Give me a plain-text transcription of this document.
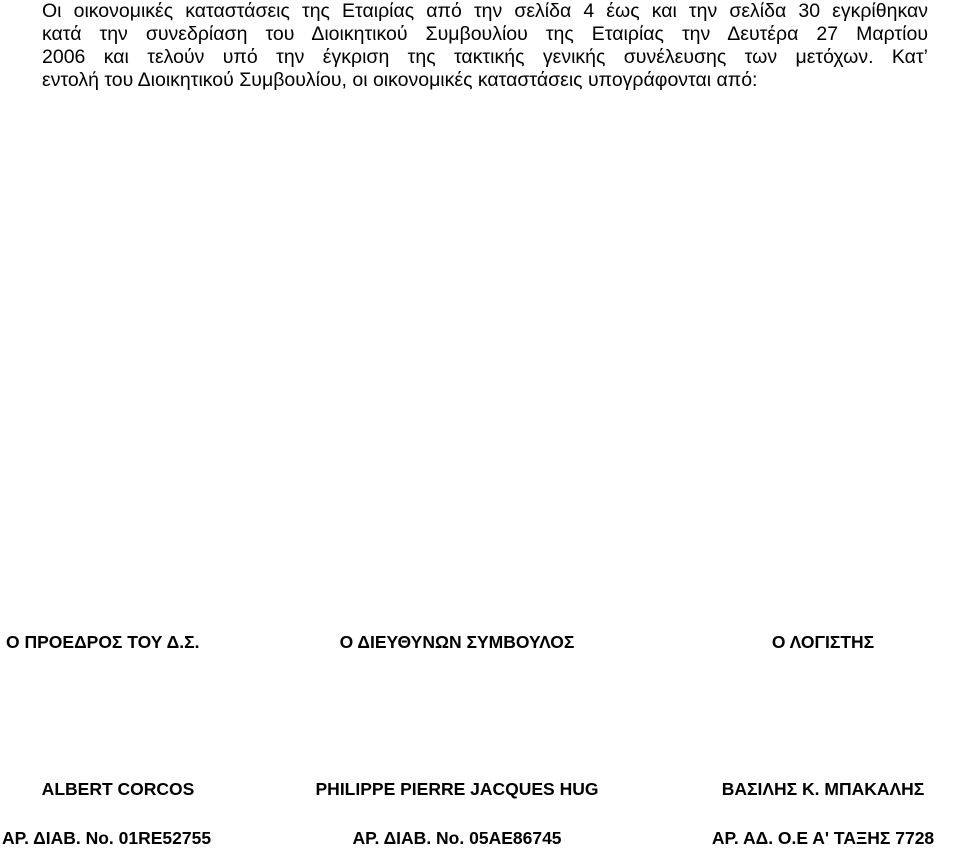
Οι οικονομικές καταστάσεις της Εταιρίας από την σελίδα 4 έως και την σελίδα 30 εγκρίθηκαν
κατά την συνεδρίαση του Διοικητικού Συμβουλίου της Εταιρίας την Δευτέρα 27 Μαρτίου
2006 και τελούν υπό την έγκριση της τακτικής γενικής συνέλευσης των μετόχων. Κατ’
εντολή του Διοικητικού Συμβουλίου, οι οικονομικές καταστάσεις υπογράφονται από:
Ο ΠΡΟΕΔΡΟΣ ΤΟΥ Δ.Σ.	Ο ΔΙΕΥΘΥΝΩΝ ΣΥΜΒΟΥΛΟΣ	Ο ΛΟΓΙΣΤΗΣ
ALBERT CORCOS	PHILIPPE PIERRE JACQUES HUG	ΒΑΣΙΛΗΣ Κ. ΜΠΑΚΑΛΗΣ
ΑΡ. ΔΙΑΒ. No. 01RE52755	ΑΡ. ΔΙΑΒ. No. 05AE86745	ΑΡ. ΑΔ. Ο.Ε Α' ΤΑΞΗΣ 7728
